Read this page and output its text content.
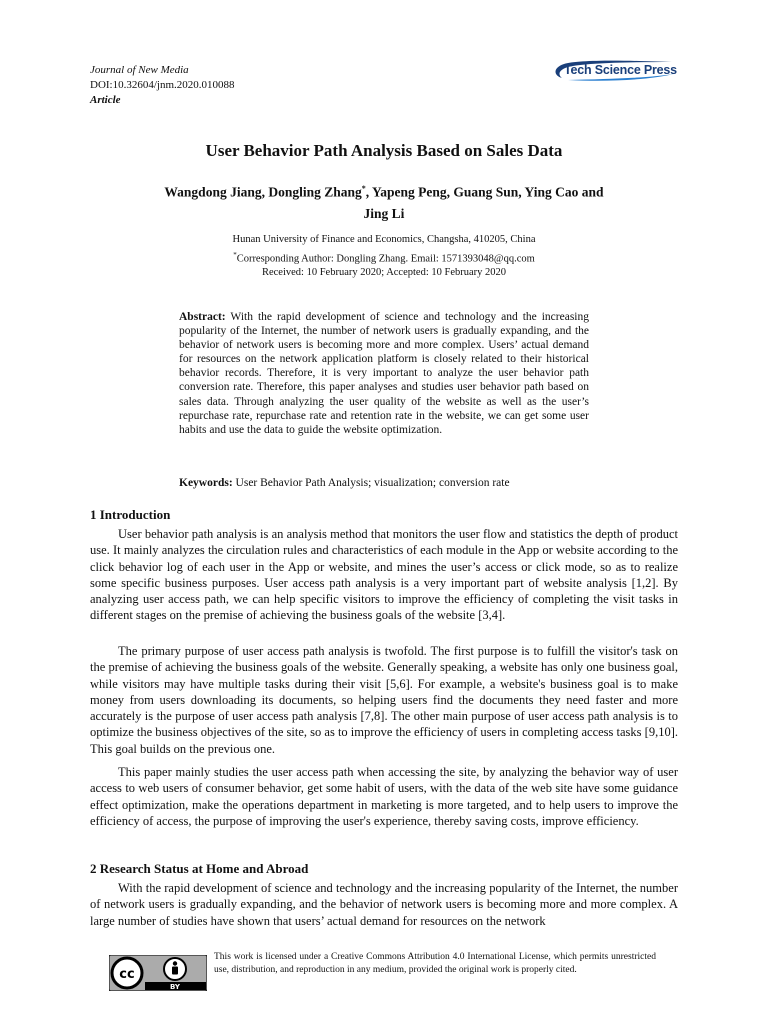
Journal of New Media
DOI:10.32604/jnm.2020.010088
Article
Tech Science Press
User Behavior Path Analysis Based on Sales Data
Wangdong Jiang, Dongling Zhang*, Yapeng Peng, Guang Sun, Ying Cao and
Jing Li
Hunan University of Finance and Economics, Changsha, 410205, China
*Corresponding Author: Dongling Zhang. Email: 1571393048@qq.com
Received: 10 February 2020; Accepted: 10 February 2020
Abstract: With the rapid development of science and technology and the increasing popularity of the Internet, the number of network users is gradually expanding, and the behavior of network users is becoming more and more complex. Users’ actual demand for resources on the network application platform is closely related to their historical behavior records. Therefore, it is very important to analyze the user behavior path conversion rate. Therefore, this paper analyses and studies user behavior path based on sales data. Through analyzing the user quality of the website as well as the user’s repurchase rate, repurchase rate and retention rate in the website, we can get some user habits and use the data to guide the website optimization.
Keywords: User Behavior Path Analysis; visualization; conversion rate
1 Introduction
User behavior path analysis is an analysis method that monitors the user flow and statistics the depth of product use. It mainly analyzes the circulation rules and characteristics of each module in the App or website according to the click behavior log of each user in the App or website, and mines the user’s access or click mode, so as to realize some specific business purposes. User access path analysis is a very important part of website analysis [1,2]. By analyzing user access path, we can help specific visitors to improve the efficiency of completing the visit tasks in different stages on the premise of achieving the business goals of the website [3,4].
The primary purpose of user access path analysis is twofold. The first purpose is to fulfill the visitor's task on the premise of achieving the business goals of the website. Generally speaking, a website has only one business goal, while visitors may have multiple tasks during their visit [5,6]. For example, a website's business goal is to make money from users downloading its documents, so helping users find the documents they need faster and more accurately is the purpose of user access path analysis [7,8]. The other main purpose of user access path analysis is to optimize the business objectives of the site, so as to improve the efficiency of users in completing access tasks [9,10]. This goal builds on the previous one.
This paper mainly studies the user access path when accessing the site, by analyzing the behavior way of user access to web users of consumer behavior, get some habit of users, with the data of the web site have some guidance effect optimization, make the operations department in marketing is more targeted, and to help users to improve the efficiency of access, the purpose of improving the user's experience, thereby saving costs, improve efficiency.
2 Research Status at Home and Abroad
With the rapid development of science and technology and the increasing popularity of the Internet, the number of network users is gradually expanding, and the behavior of network users is becoming more and more complex. A large number of studies have shown that users’ actual demand for resources on the network
cc
BY
This work is licensed under a Creative Commons Attribution 4.0 International License, which permits unrestricted use, distribution, and reproduction in any medium, provided the original work is properly cited.
